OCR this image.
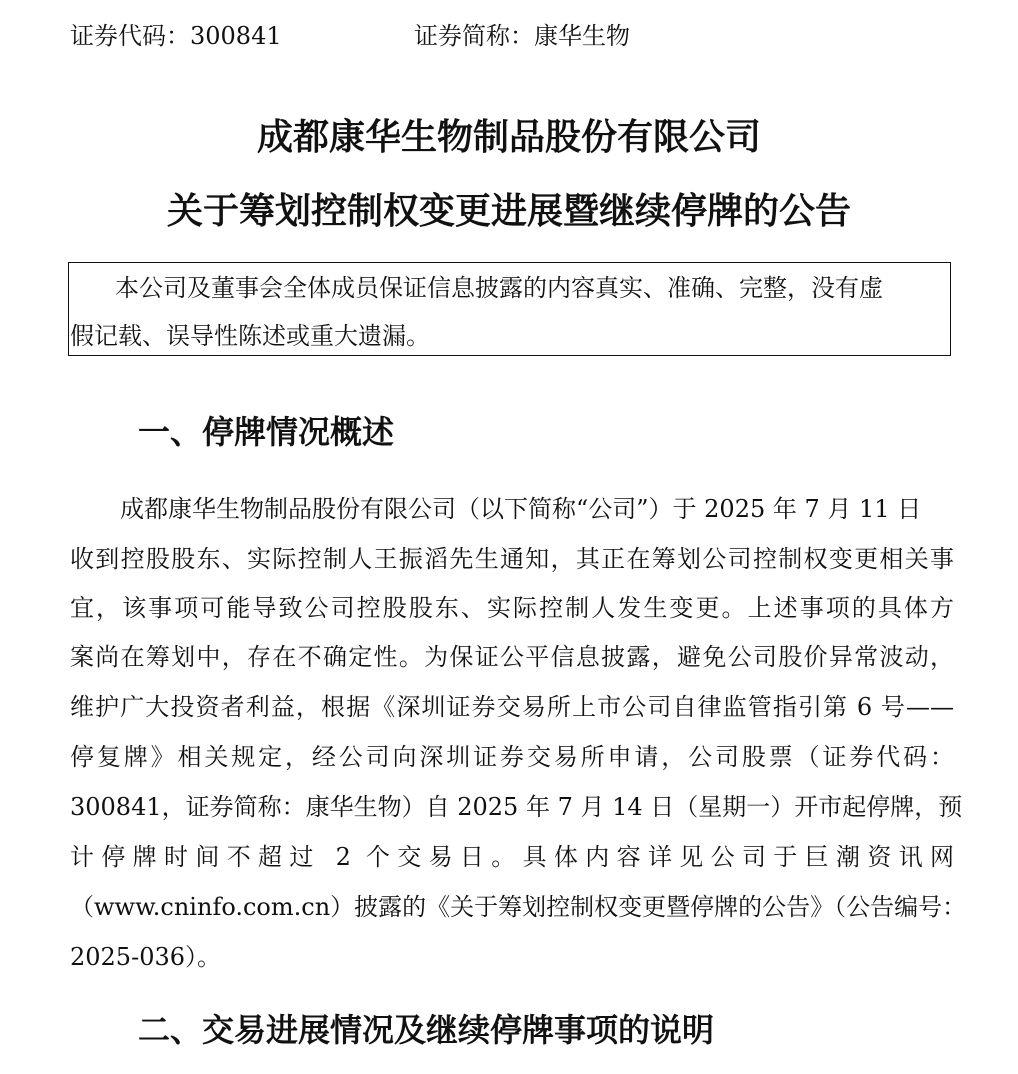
证券代码：300841	证券简称：康华生物
成都康华生物制品股份有限公司
关于筹划控制权变更进展暨继续停牌的公告
本公司及董事会全体成员保证信息披露的内容真实、准确、完整，没有虚
假记载、误导性陈述或重大遗漏。
一、停牌情况概述
成都康华生物制品股份有限公司（以下简称“公司”）于 2025 年 7 月 11 日
收到控股股东、实际控制人王振滔先生通知，其正在筹划公司控制权变更相关事
宜，该事项可能导致公司控股股东、实际控制人发生变更。上述事项的具体方
案尚在筹划中，存在不确定性。为保证公平信息披露，避免公司股价异常波动，
维护广大投资者利益，根据《深圳证券交易所上市公司自律监管指引第 6 号——
停复牌》相关规定，经公司向深圳证券交易所申请，公司股票（证券代码：
300841，证券简称：康华生物）自 2025 年 7 月 14 日（星期一）开市起停牌，预
计停牌时间不超过 2 个交易日。具体内容详见公司于巨潮资讯网
（www.cninfo.com.cn）披露的《关于筹划控制权变更暨停牌的公告》（公告编号：
2025-036）。
二、交易进展情况及继续停牌事项的说明
